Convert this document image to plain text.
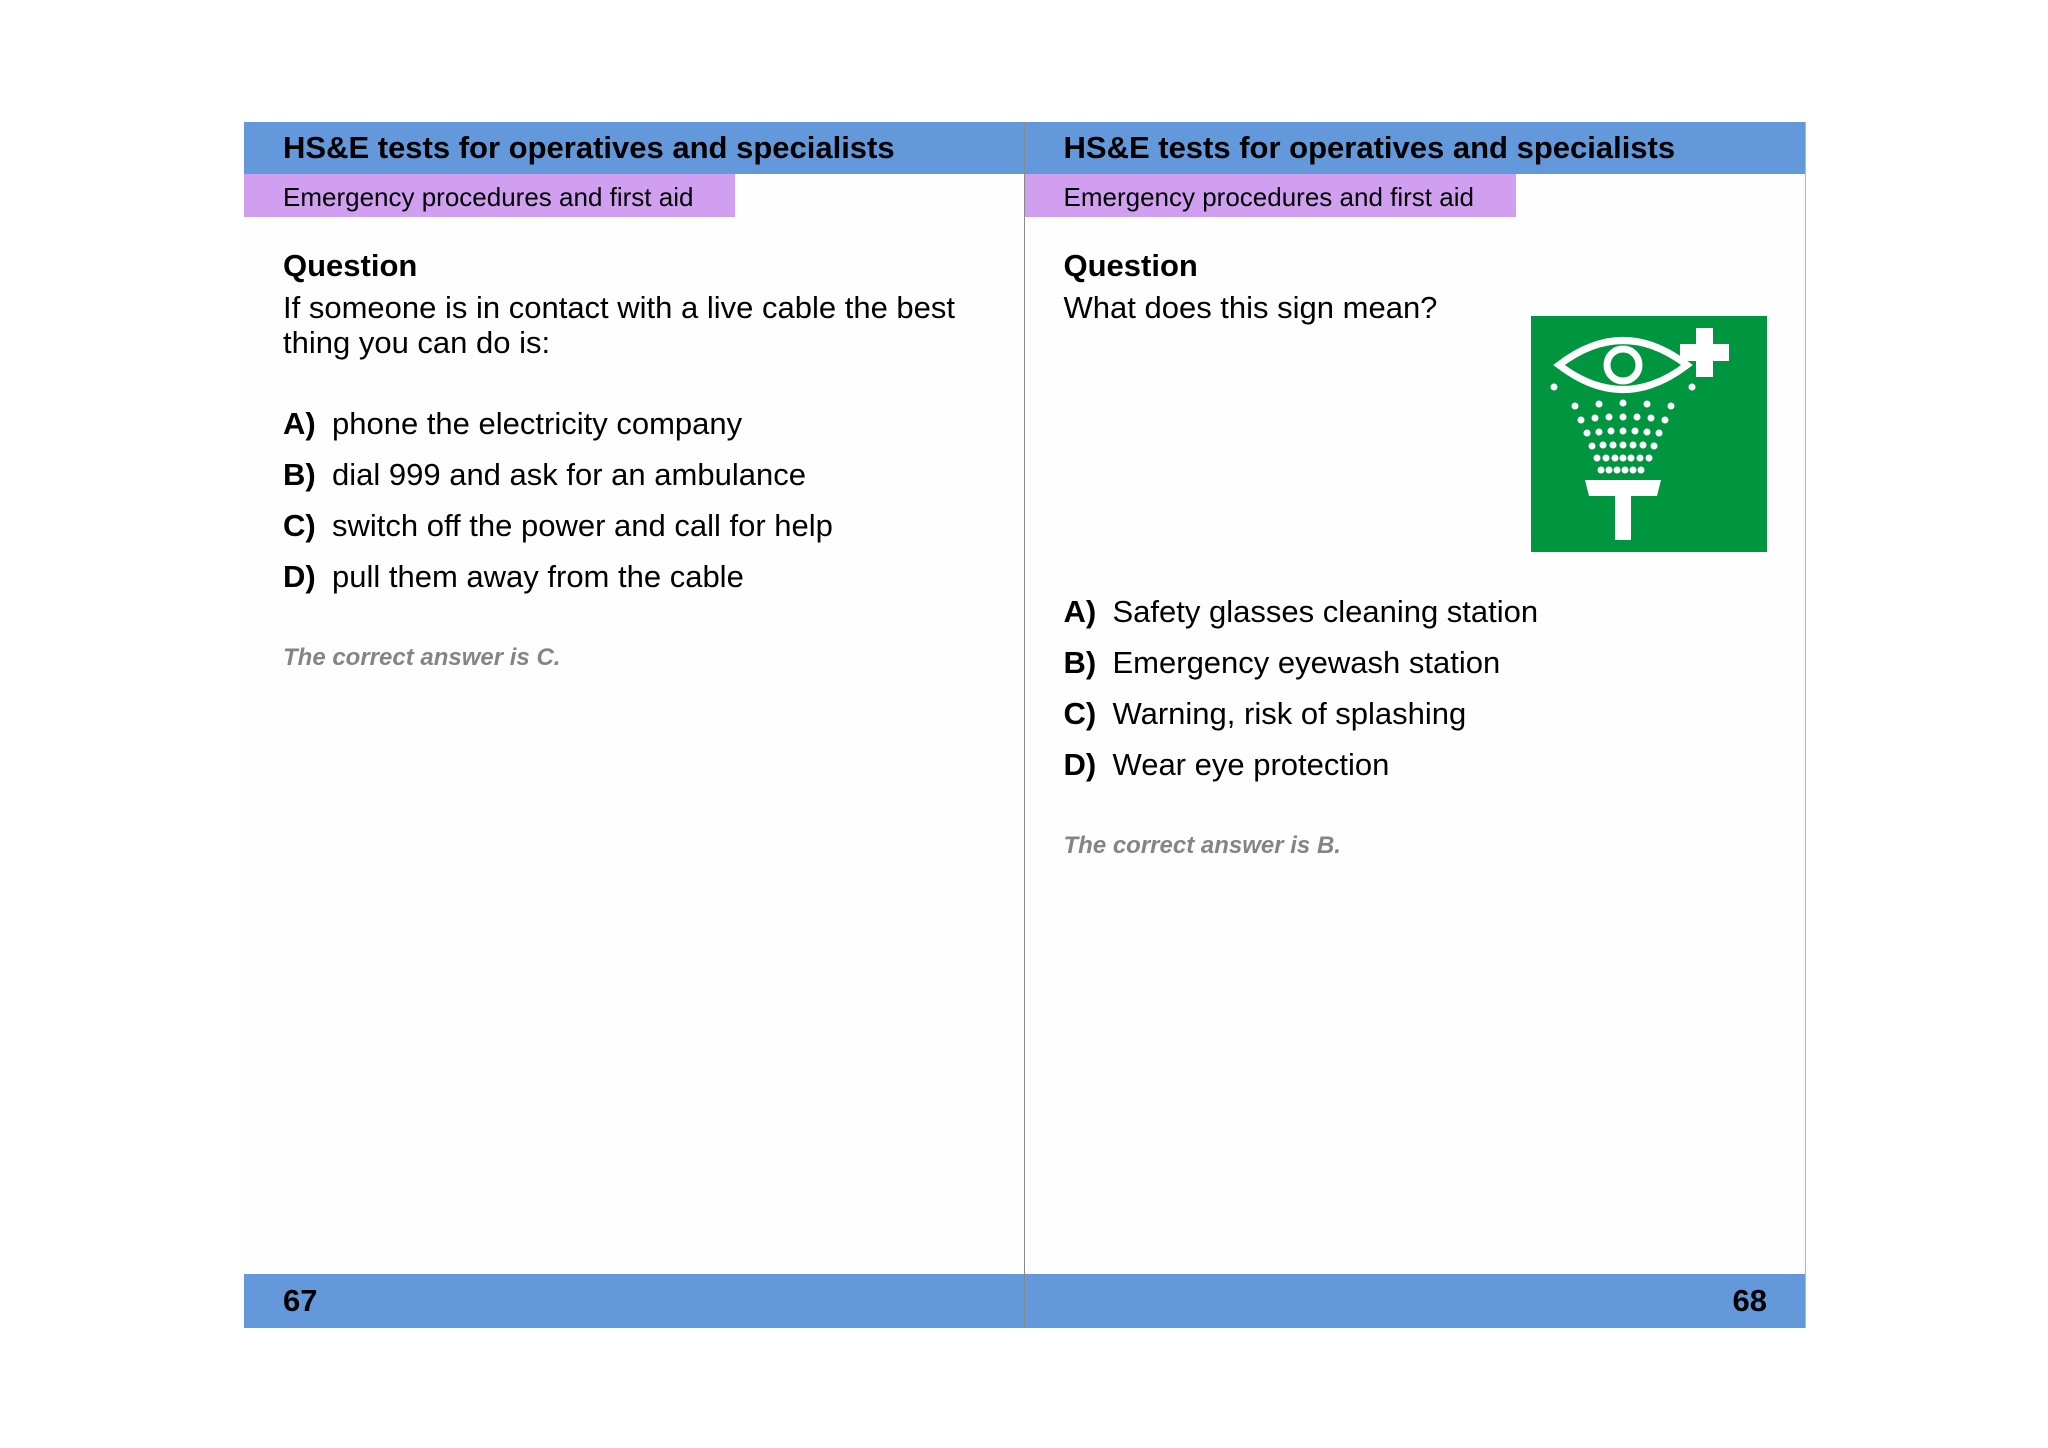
HS&E tests for operatives and specialists
Emergency procedures and first aid
Question
If someone is in contact with a live cable the best thing you can do is:
A) phone the electricity company
B) dial 999 and ask for an ambulance
C) switch off the power and call for help
D) pull them away from the cable
The correct answer is C.
67
HS&E tests for operatives and specialists
Emergency procedures and first aid
Question
What does this sign mean?
A) Safety glasses cleaning station
B) Emergency eyewash station
C) Warning, risk of splashing
D) Wear eye protection
The correct answer is B.
68
